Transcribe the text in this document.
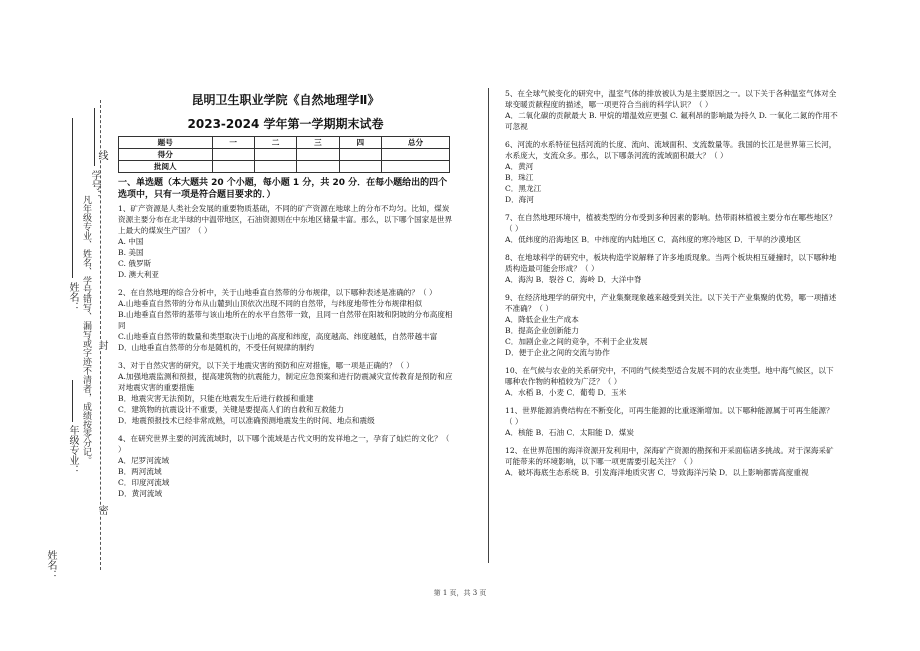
学号：
姓名：
年级专业：
姓名：
凡年级专业、姓名、学号错写、漏写或字迹不清者，成绩按零分记。
线
封
密

昆明卫生职业学院《自然地理学Ⅱ》

2023-2024 学年第一学期期末试卷

题号	一	二	三	四	总分
得分					
批阅人					

一、单选题（本大题共 20 个小题，每小题 1 分，共 20 分．在每小题给出的四个选项中，只有一项是符合题目要求的．）

1、矿产资源是人类社会发展的重要物质基础，不同的矿产资源在地球上的分布不均匀。比如，煤炭资源主要分布在北半球的中温带地区，石油资源则在中东地区储量丰富。那么，以下哪个国家是世界上最大的煤炭生产国？（ ）

A. 中国

B. 美国

C. 俄罗斯

D. 澳大利亚

2、在自然地理的综合分析中，关于山地垂直自然带的分布规律，以下哪种表述是准确的？（ ）

A.山地垂直自然带的分布从山麓到山顶依次出现不同的自然带，与纬度地带性分布规律相似

B.山地垂直自然带的基带与该山地所在的水平自然带一致，且同一自然带在阳坡和阴坡的分布高度相同

C.山地垂直自然带的数量和类型取决于山地的高度和纬度，高度越高、纬度越低，自然带越丰富

D．山地垂直自然带的分布是随机的，不受任何规律的制约

3、对于自然灾害的研究，以下关于地震灾害的预防和应对措施，哪一项是正确的？（ ）

A.加强地震监测和预报，提高建筑物的抗震能力，制定应急预案和进行防震减灾宣传教育是预防和应对地震灾害的重要措施

B．地震灾害无法预防，只能在地震发生后进行救援和重建

C．建筑物的抗震设计不重要，关键是要提高人们的自救和互救能力

D．地震预报技术已经非常成熟，可以准确预测地震发生的时间、地点和震级

4、在研究世界主要的河流流域时，以下哪个流域是古代文明的发祥地之一，孕育了灿烂的文化？（ ）

A．尼罗河流域

B．两河流域

C．印度河流域

D．黄河流域

5、在全球气候变化的研究中，温室气体的排放被认为是主要原因之一。以下关于各种温室气体对全球变暖贡献程度的描述，哪一项更符合当前的科学认识？（ ）

A．二氧化碳的贡献最大 B. 甲烷的增温效应更强 C. 氟利昂的影响最为持久 D. 一氧化二氮的作用不可忽视

6、河流的水系特征包括河流的长度、流向、流域面积、支流数量等。我国的长江是世界第三长河，水系庞大，支流众多。那么，以下哪条河流的流域面积最大？（ ）

A．黄河

B．珠江

C．黑龙江

D．海河

7、在自然地理环境中，植被类型的分布受到多种因素的影响。热带雨林植被主要分布在哪些地区？（ ）

A．低纬度的沿海地区 B．中纬度的内陆地区 C．高纬度的寒冷地区 D．干旱的沙漠地区

8、在地球科学的研究中，板块构造学说解释了许多地质现象。当两个板块相互碰撞时，以下哪种地质构造最可能会形成？（ ）

A．海沟 B．裂谷 C．海岭 D．大洋中脊

9、在经济地理学的研究中，产业集聚现象越来越受到关注。以下关于产业集聚的优势，哪一项描述不准确？（ ）

A．降低企业生产成本

B．提高企业创新能力

C．加剧企业之间的竞争，不利于企业发展

D．便于企业之间的交流与协作

10、在气候与农业的关系研究中，不同的气候类型适合发展不同的农业类型。地中海气候区，以下哪种农作物的种植较为广泛？（ ）

A．水稻 B．小麦 C．葡萄 D．玉米

11、世界能源消费结构在不断变化，可再生能源的比重逐渐增加。以下哪种能源属于可再生能源？（ ）

A．核能 B．石油 C．太阳能 D．煤炭

12、在世界范围的海洋资源开发利用中，深海矿产资源的勘探和开采面临诸多挑战。对于深海采矿可能带来的环境影响，以下哪一项更需要引起关注？（ ）

A．破坏海底生态系统 B．引发海洋地质灾害 C．导致海洋污染 D．以上影响都需高度重视

第 1 页，共 3 页
